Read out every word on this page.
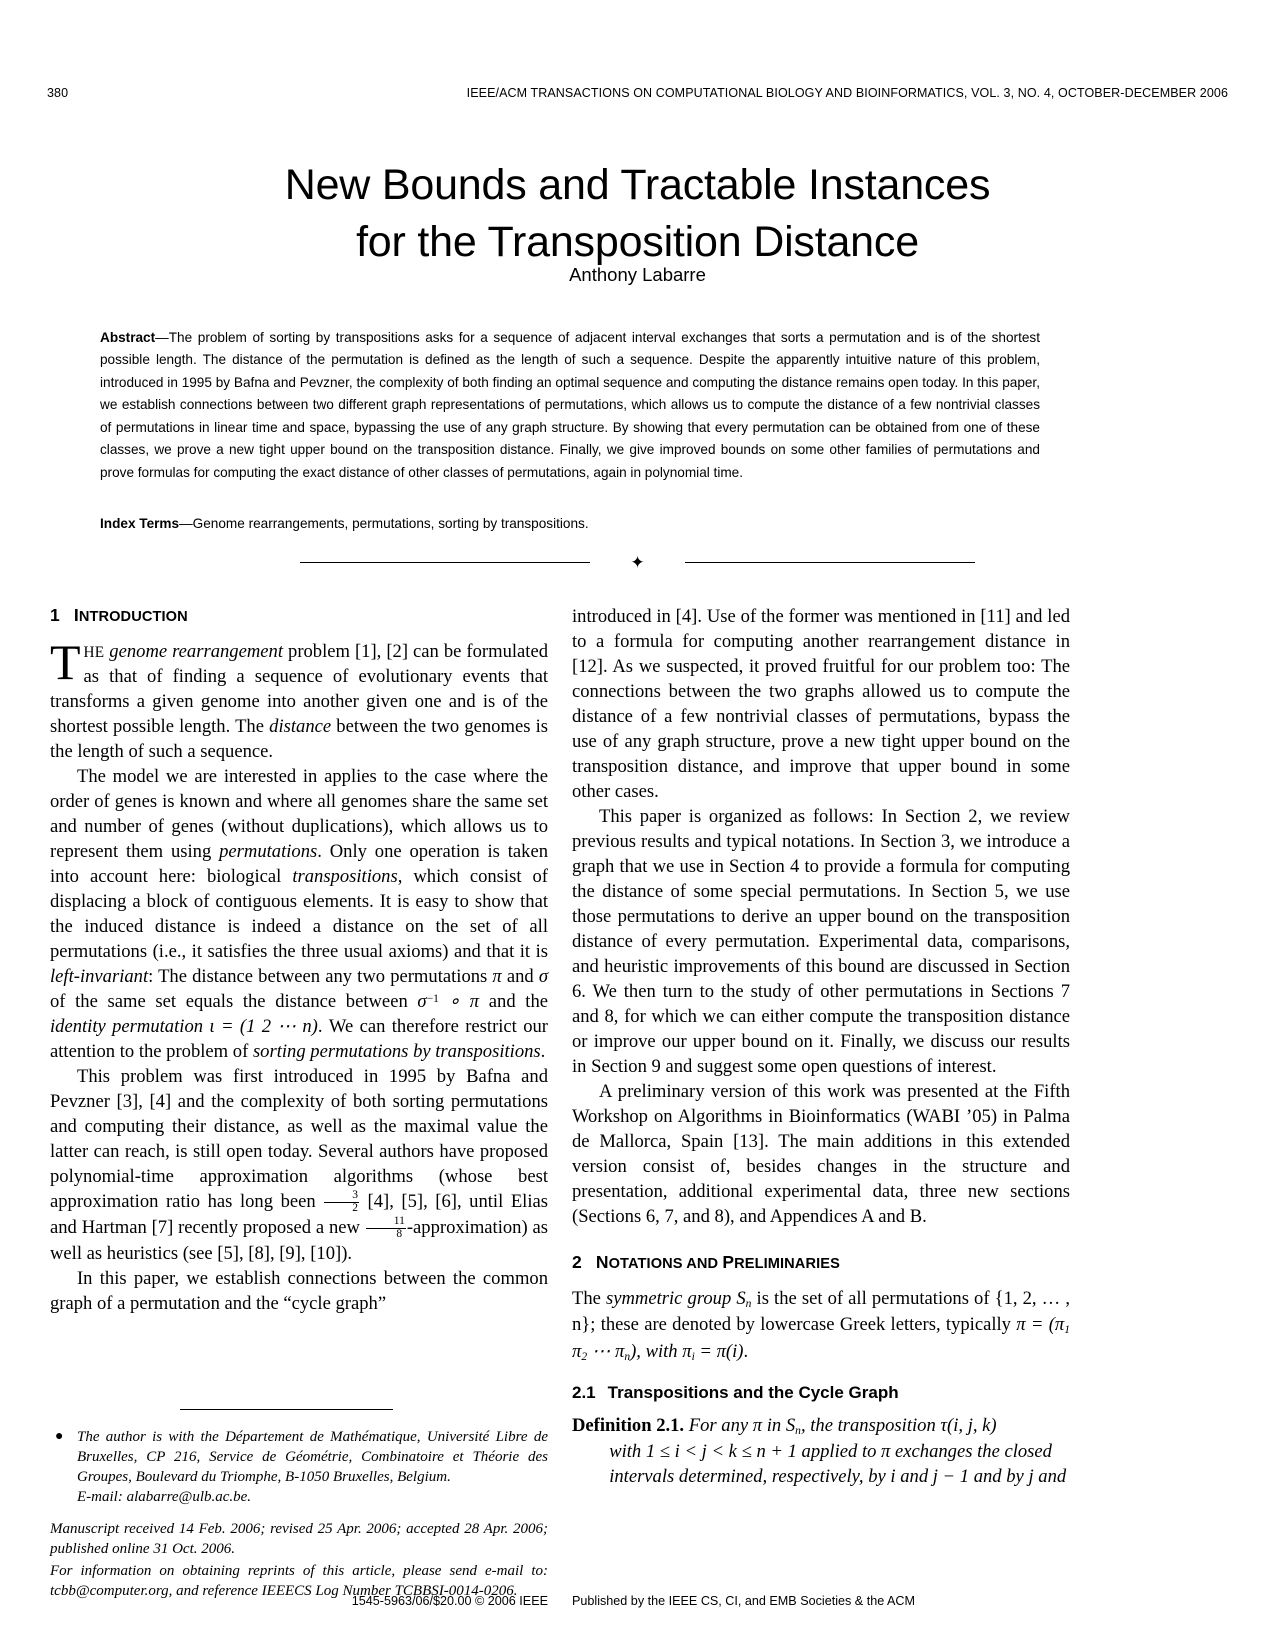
380	IEEE/ACM TRANSACTIONS ON COMPUTATIONAL BIOLOGY AND BIOINFORMATICS, VOL. 3, NO. 4, OCTOBER-DECEMBER 2006
New Bounds and Tractable Instances
for the Transposition Distance
Anthony Labarre
Abstract—The problem of sorting by transpositions asks for a sequence of adjacent interval exchanges that sorts a permutation and is of the shortest possible length. The distance of the permutation is defined as the length of such a sequence. Despite the apparently intuitive nature of this problem, introduced in 1995 by Bafna and Pevzner, the complexity of both finding an optimal sequence and computing the distance remains open today. In this paper, we establish connections between two different graph representations of permutations, which allows us to compute the distance of a few nontrivial classes of permutations in linear time and space, bypassing the use of any graph structure. By showing that every permutation can be obtained from one of these classes, we prove a new tight upper bound on the transposition distance. Finally, we give improved bounds on some other families of permutations and prove formulas for computing the exact distance of other classes of permutations, again in polynomial time.
Index Terms—Genome rearrangements, permutations, sorting by transpositions.
✦
1 INTRODUCTION

THE genome rearrangement problem [1], [2] can be formulated as that of finding a sequence of evolutionary events that transforms a given genome into another given one and is of the shortest possible length. The distance between the two genomes is the length of such a sequence.

The model we are interested in applies to the case where the order of genes is known and where all genomes share the same set and number of genes (without duplications), which allows us to represent them using permutations. Only one operation is taken into account here: biological transpositions, which consist of displacing a block of contiguous elements. It is easy to show that the induced distance is indeed a distance on the set of all permutations (i.e., it satisfies the three usual axioms) and that it is left-invariant: The distance between any two permutations π and σ of the same set equals the distance between $\sigma^{-1}$ ∘ π and the identity permutation ι = (1 2 ⋯ n). We can therefore restrict our attention to the problem of sorting permutations by transpositions.

This problem was first introduced in 1995 by Bafna and Pevzner [3], [4] and the complexity of both sorting permutations and computing their distance, as well as the maximal value the latter can reach, is still open today. Several authors have proposed polynomial-time approximation algorithms (whose best approximation ratio has long been $\frac{3}{2} [4]$, [5], [6], until Elias and Hartman [7] recently proposed a new $\frac{11}{8}$ -approximation) as well as heuristics (see [5], [8], [9], [10]).

In this paper, we establish connections between the common graph of a permutation and the “cycle graph”

introduced in [4]. Use of the former was mentioned in [11] and led to a formula for computing another rearrangement distance in [12]. As we suspected, it proved fruitful for our problem too: The connections between the two graphs allowed us to compute the distance of a few nontrivial classes of permutations, bypass the use of any graph structure, prove a new tight upper bound on the transposition distance, and improve that upper bound in some other cases.

This paper is organized as follows: In Section 2, we review previous results and typical notations. In Section 3, we introduce a graph that we use in Section 4 to provide a formula for computing the distance of some special permutations. In Section 5, we use those permutations to derive an upper bound on the transposition distance of every permutation. Experimental data, comparisons, and heuristic improvements of this bound are discussed in Section 6. We then turn to the study of other permutations in Sections 7 and 8, for which we can either compute the transposition distance or improve our upper bound on it. Finally, we discuss our results in Section 9 and suggest some open questions of interest.

A preliminary version of this work was presented at the Fifth Workshop on Algorithms in Bioinformatics (WABI ’05) in Palma de Mallorca, Spain [13]. The main additions in this extended version consist of, besides changes in the structure and presentation, additional experimental data, three new sections (Sections 6, 7, and 8), and Appendices A and B.

2 NOTATIONS AND PRELIMINARIES

The symmetric group $S_n$ is the set of all permutations of {1, 2, … , n}; these are denoted by lowercase Greek letters, typically $\pi = (\pi_1$ $\pi_2$ ⋯ $\pi_n$), with $\pi_i = \pi(i)$.

2.1 Transpositions and the Cycle Graph

Definition 2.1. For any π in $S_n$, the transposition τ(i, j, k)

with 1 ≤ i < j < k ≤ n + 1 applied to π exchanges the closed

intervals determined, respectively, by i and j − 1 and by j and

● The author is with the Département de Mathématique, Université Libre de Bruxelles, CP 216, Service de Géométrie, Combinatoire et Théorie des Groupes, Boulevard du Triomphe, B-1050 Bruxelles, Belgium.
E-mail: alabarre@ulb.ac.be.
Manuscript received 14 Feb. 2006; revised 25 Apr. 2006; accepted 28 Apr. 2006; published online 31 Oct. 2006.
For information on obtaining reprints of this article, please send e-mail to: tcbb@computer.org, and reference IEEECS Log Number TCBBSI-0014-0206.
1545-5963/06/$20.00 © 2006 IEEE Published by the IEEE CS, CI, and EMB Societies & the ACM
